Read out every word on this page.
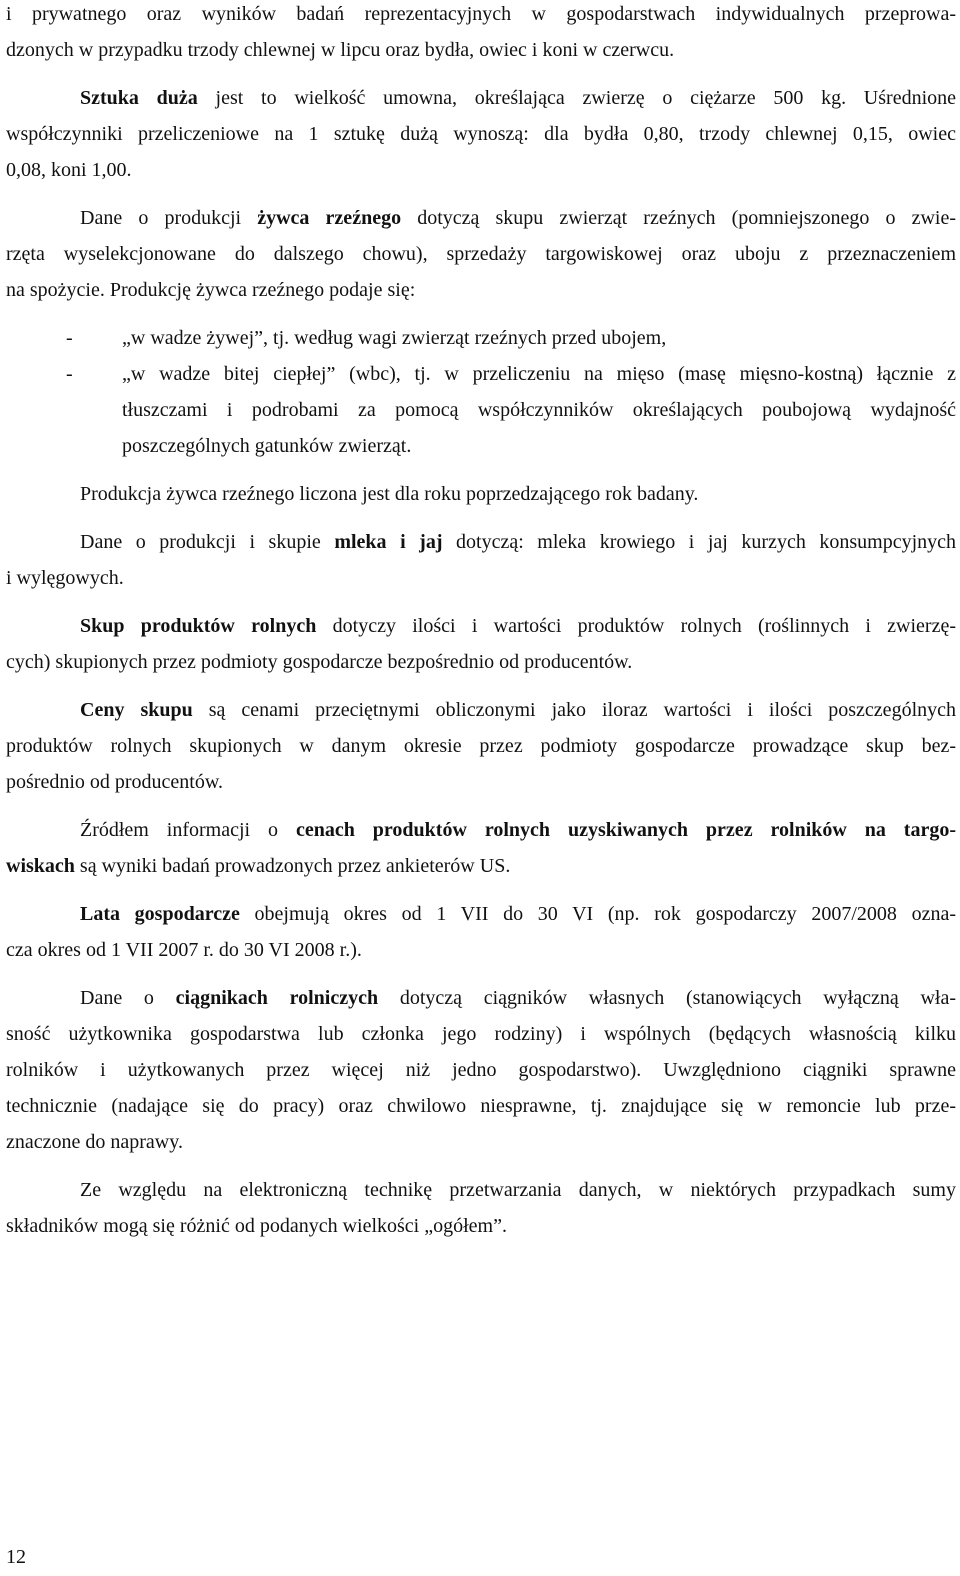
i prywatnego oraz wyników badań reprezentacyjnych w gospodarstwach indywidualnych przeprowa-
dzonych w przypadku trzody chlewnej w lipcu oraz bydła, owiec i koni w czerwcu.
Sztuka duża jest to wielkość umowna, określająca zwierzę o ciężarze 500 kg. Uśrednione
współczynniki przeliczeniowe na 1 sztukę dużą wynoszą: dla bydła 0,80, trzody chlewnej 0,15, owiec
0,08, koni 1,00.
Dane o produkcji żywca rzeźnego dotyczą skupu zwierząt rzeźnych (pomniejszonego o zwie-
rzęta wyselekcjonowane do dalszego chowu), sprzedaży targowiskowej oraz uboju z przeznaczeniem
na spożycie. Produkcję żywca rzeźnego podaje się:
- „w wadze żywej”, tj. według wagi zwierząt rzeźnych przed ubojem,
- „w wadze bitej ciepłej” (wbc), tj. w przeliczeniu na mięso (masę mięsno-kostną) łącznie z
tłuszczami i podrobami za pomocą współczynników określających poubojową wydajność
poszczególnych gatunków zwierząt.
Produkcja żywca rzeźnego liczona jest dla roku poprzedzającego rok badany.
Dane o produkcji i skupie mleka i jaj dotyczą: mleka krowiego i jaj kurzych konsumpcyjnych
i wylęgowych.
Skup produktów rolnych dotyczy ilości i wartości produktów rolnych (roślinnych i zwierzę-
cych) skupionych przez podmioty gospodarcze bezpośrednio od producentów.
Ceny skupu są cenami przeciętnymi obliczonymi jako iloraz wartości i ilości poszczególnych
produktów rolnych skupionych w danym okresie przez podmioty gospodarcze prowadzące skup bez-
pośrednio od producentów.
Źródłem informacji o cenach produktów rolnych uzyskiwanych przez rolników na targo-
wiskach są wyniki badań prowadzonych przez ankieterów US.
Lata gospodarcze obejmują okres od 1 VII do 30 VI (np. rok gospodarczy 2007/2008 ozna-
cza okres od 1 VII 2007 r. do 30 VI 2008 r.).
Dane o ciągnikach rolniczych dotyczą ciągników własnych (stanowiących wyłączną wła-
sność użytkownika gospodarstwa lub członka jego rodziny) i wspólnych (będących własnością kilku
rolników i użytkowanych przez więcej niż jedno gospodarstwo). Uwzględniono ciągniki sprawne
technicznie (nadające się do pracy) oraz chwilowo niesprawne, tj. znajdujące się w remoncie lub prze-
znaczone do naprawy.
Ze względu na elektroniczną technikę przetwarzania danych, w niektórych przypadkach sumy
składników mogą się różnić od podanych wielkości „ogółem”.
12
